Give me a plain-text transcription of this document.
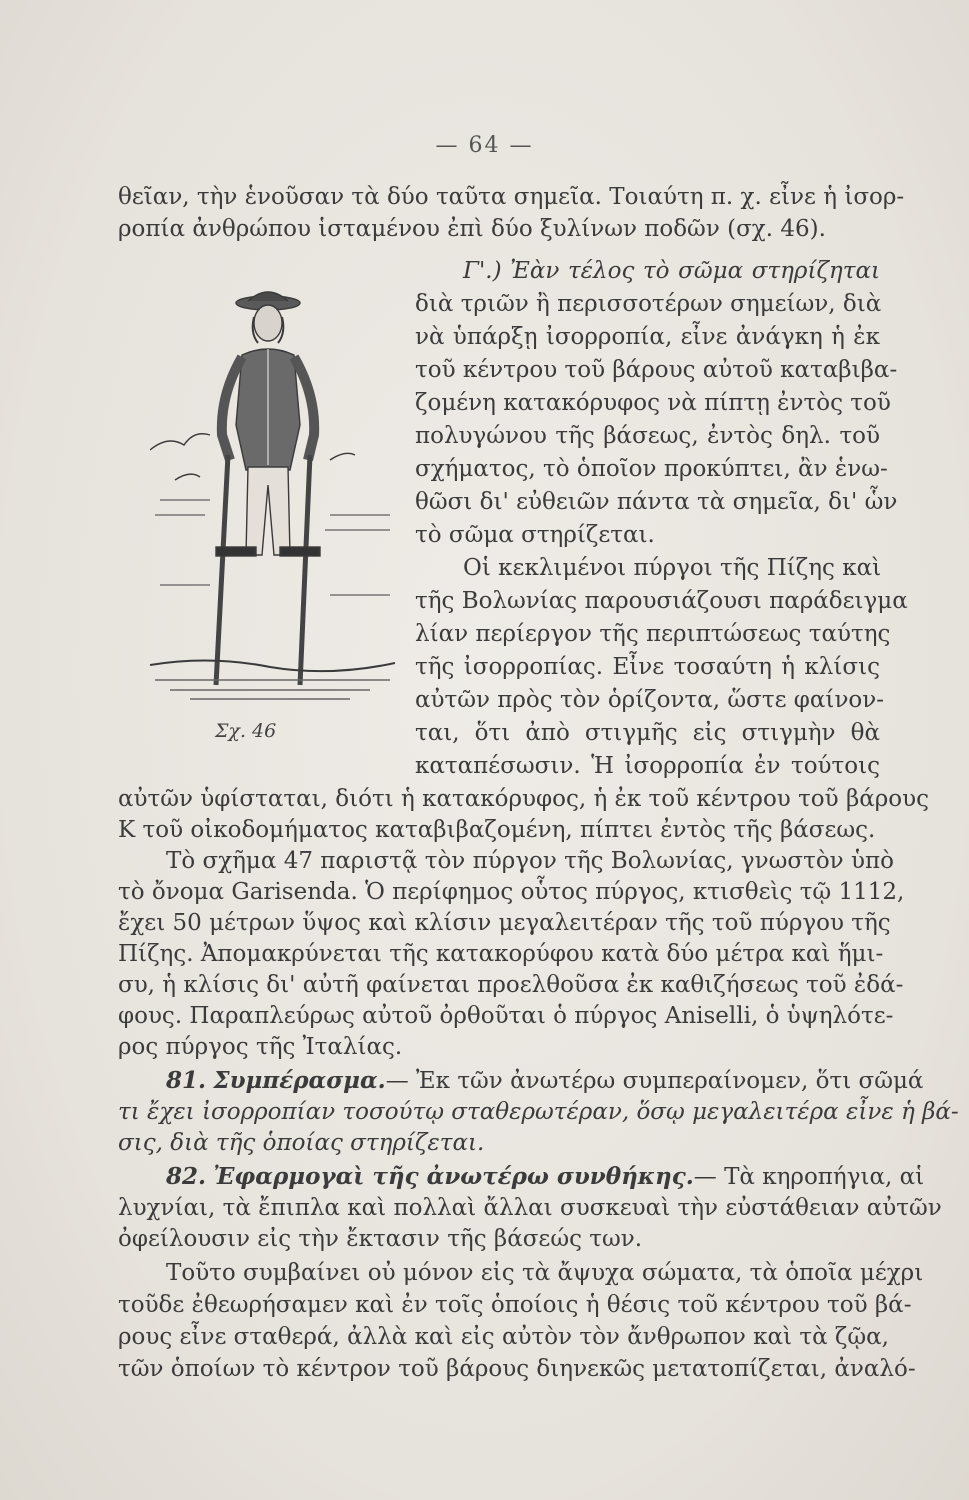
— 64 —
θεῖαν, τὴν ἑνοῦσαν τὰ δύο ταῦτα σημεῖα. Τοιαύτη π. χ. εἶνε ἡ ἰσορ-
ροπία ἀνθρώπου ἱσταμένου ἐπὶ δύο ξυλίνων ποδῶν (σχ. 46).
Σχ. 46
Γ'.) Ἐὰν τέλος τὸ σῶμα στηρίζηται
διὰ τριῶν ἢ περισσοτέρων σημείων, διὰ
νὰ ὑπάρξῃ ἰσορροπία, εἶνε ἀνάγκη ἡ ἐκ
τοῦ κέντρου τοῦ βάρους αὐτοῦ καταβιβα-
ζομένη κατακόρυφος νὰ πίπτῃ ἐντὸς τοῦ
πολυγώνου τῆς βάσεως, ἐντὸς δηλ. τοῦ
σχήματος, τὸ ὁποῖον προκύπτει, ἂν ἑνω-
θῶσι δι' εὐθειῶν πάντα τὰ σημεῖα, δι' ὧν
τὸ σῶμα στηρίζεται.
Οἱ κεκλιμένοι πύργοι τῆς Πίζης καὶ
τῆς Βολωνίας παρουσιάζουσι παράδειγμα
λίαν περίεργον τῆς περιπτώσεως ταύτης
τῆς ἰσορροπίας. Εἶνε τοσαύτη ἡ κλίσις
αὐτῶν πρὸς τὸν ὁρίζοντα, ὥστε φαίνον-
ται, ὅτι ἀπὸ στιγμῆς εἰς στιγμὴν θὰ
καταπέσωσιν. Ἡ ἰσορροπία ἐν τούτοις
αὐτῶν ὑφίσταται, διότι ἡ κατακόρυφος, ἡ ἐκ τοῦ κέντρου τοῦ βάρους
Κ τοῦ οἰκοδομήματος καταβιβαζομένη, πίπτει ἐντὸς τῆς βάσεως.
Τὸ σχῆμα 47 παριστᾷ τὸν πύργον τῆς Βολωνίας, γνωστὸν ὑπὸ
τὸ ὄνομα Garisenda. Ὁ περίφημος οὗτος πύργος, κτισθεὶς τῷ 1112,
ἔχει 50 μέτρων ὕψος καὶ κλίσιν μεγαλειτέραν τῆς τοῦ πύργου τῆς
Πίζης. Ἀπομακρύνεται τῆς κατακορύφου κατὰ δύο μέτρα καὶ ἥμι-
συ, ἡ κλίσις δι' αὐτῆ φαίνεται προελθοῦσα ἐκ καθιζήσεως τοῦ ἐδά-
φους. Παραπλεύρως αὐτοῦ ὀρθοῦται ὁ πύργος Aniselli, ὁ ὑψηλότε-
ρος πύργος τῆς Ἰταλίας.
81. Συμπέρασμα.— Ἐκ τῶν ἀνωτέρω συμπεραίνομεν, ὅτι σῶμά
τι ἔχει ἰσορροπίαν τοσούτῳ σταθερωτέραν, ὅσῳ μεγαλειτέρα εἶνε ἡ βά-
σις, διὰ τῆς ὁποίας στηρίζεται.
82. Ἐφαρμογαὶ τῆς ἀνωτέρω συνθήκης.— Τὰ κηροπήγια, αἱ
λυχνίαι, τὰ ἔπιπλα καὶ πολλαὶ ἄλλαι συσκευαὶ τὴν εὐστάθειαν αὐτῶν
ὀφείλουσιν εἰς τὴν ἔκτασιν τῆς βάσεώς των.
Τοῦτο συμβαίνει οὐ μόνον εἰς τὰ ἄψυχα σώματα, τὰ ὁποῖα μέχρι
τοῦδε ἐθεωρήσαμεν καὶ ἐν τοῖς ὁποίοις ἡ θέσις τοῦ κέντρου τοῦ βά-
ρους εἶνε σταθερά, ἀλλὰ καὶ εἰς αὐτὸν τὸν ἄνθρωπον καὶ τὰ ζῷα,
τῶν ὁποίων τὸ κέντρον τοῦ βάρους διηνεκῶς μετατοπίζεται, ἀναλό-
